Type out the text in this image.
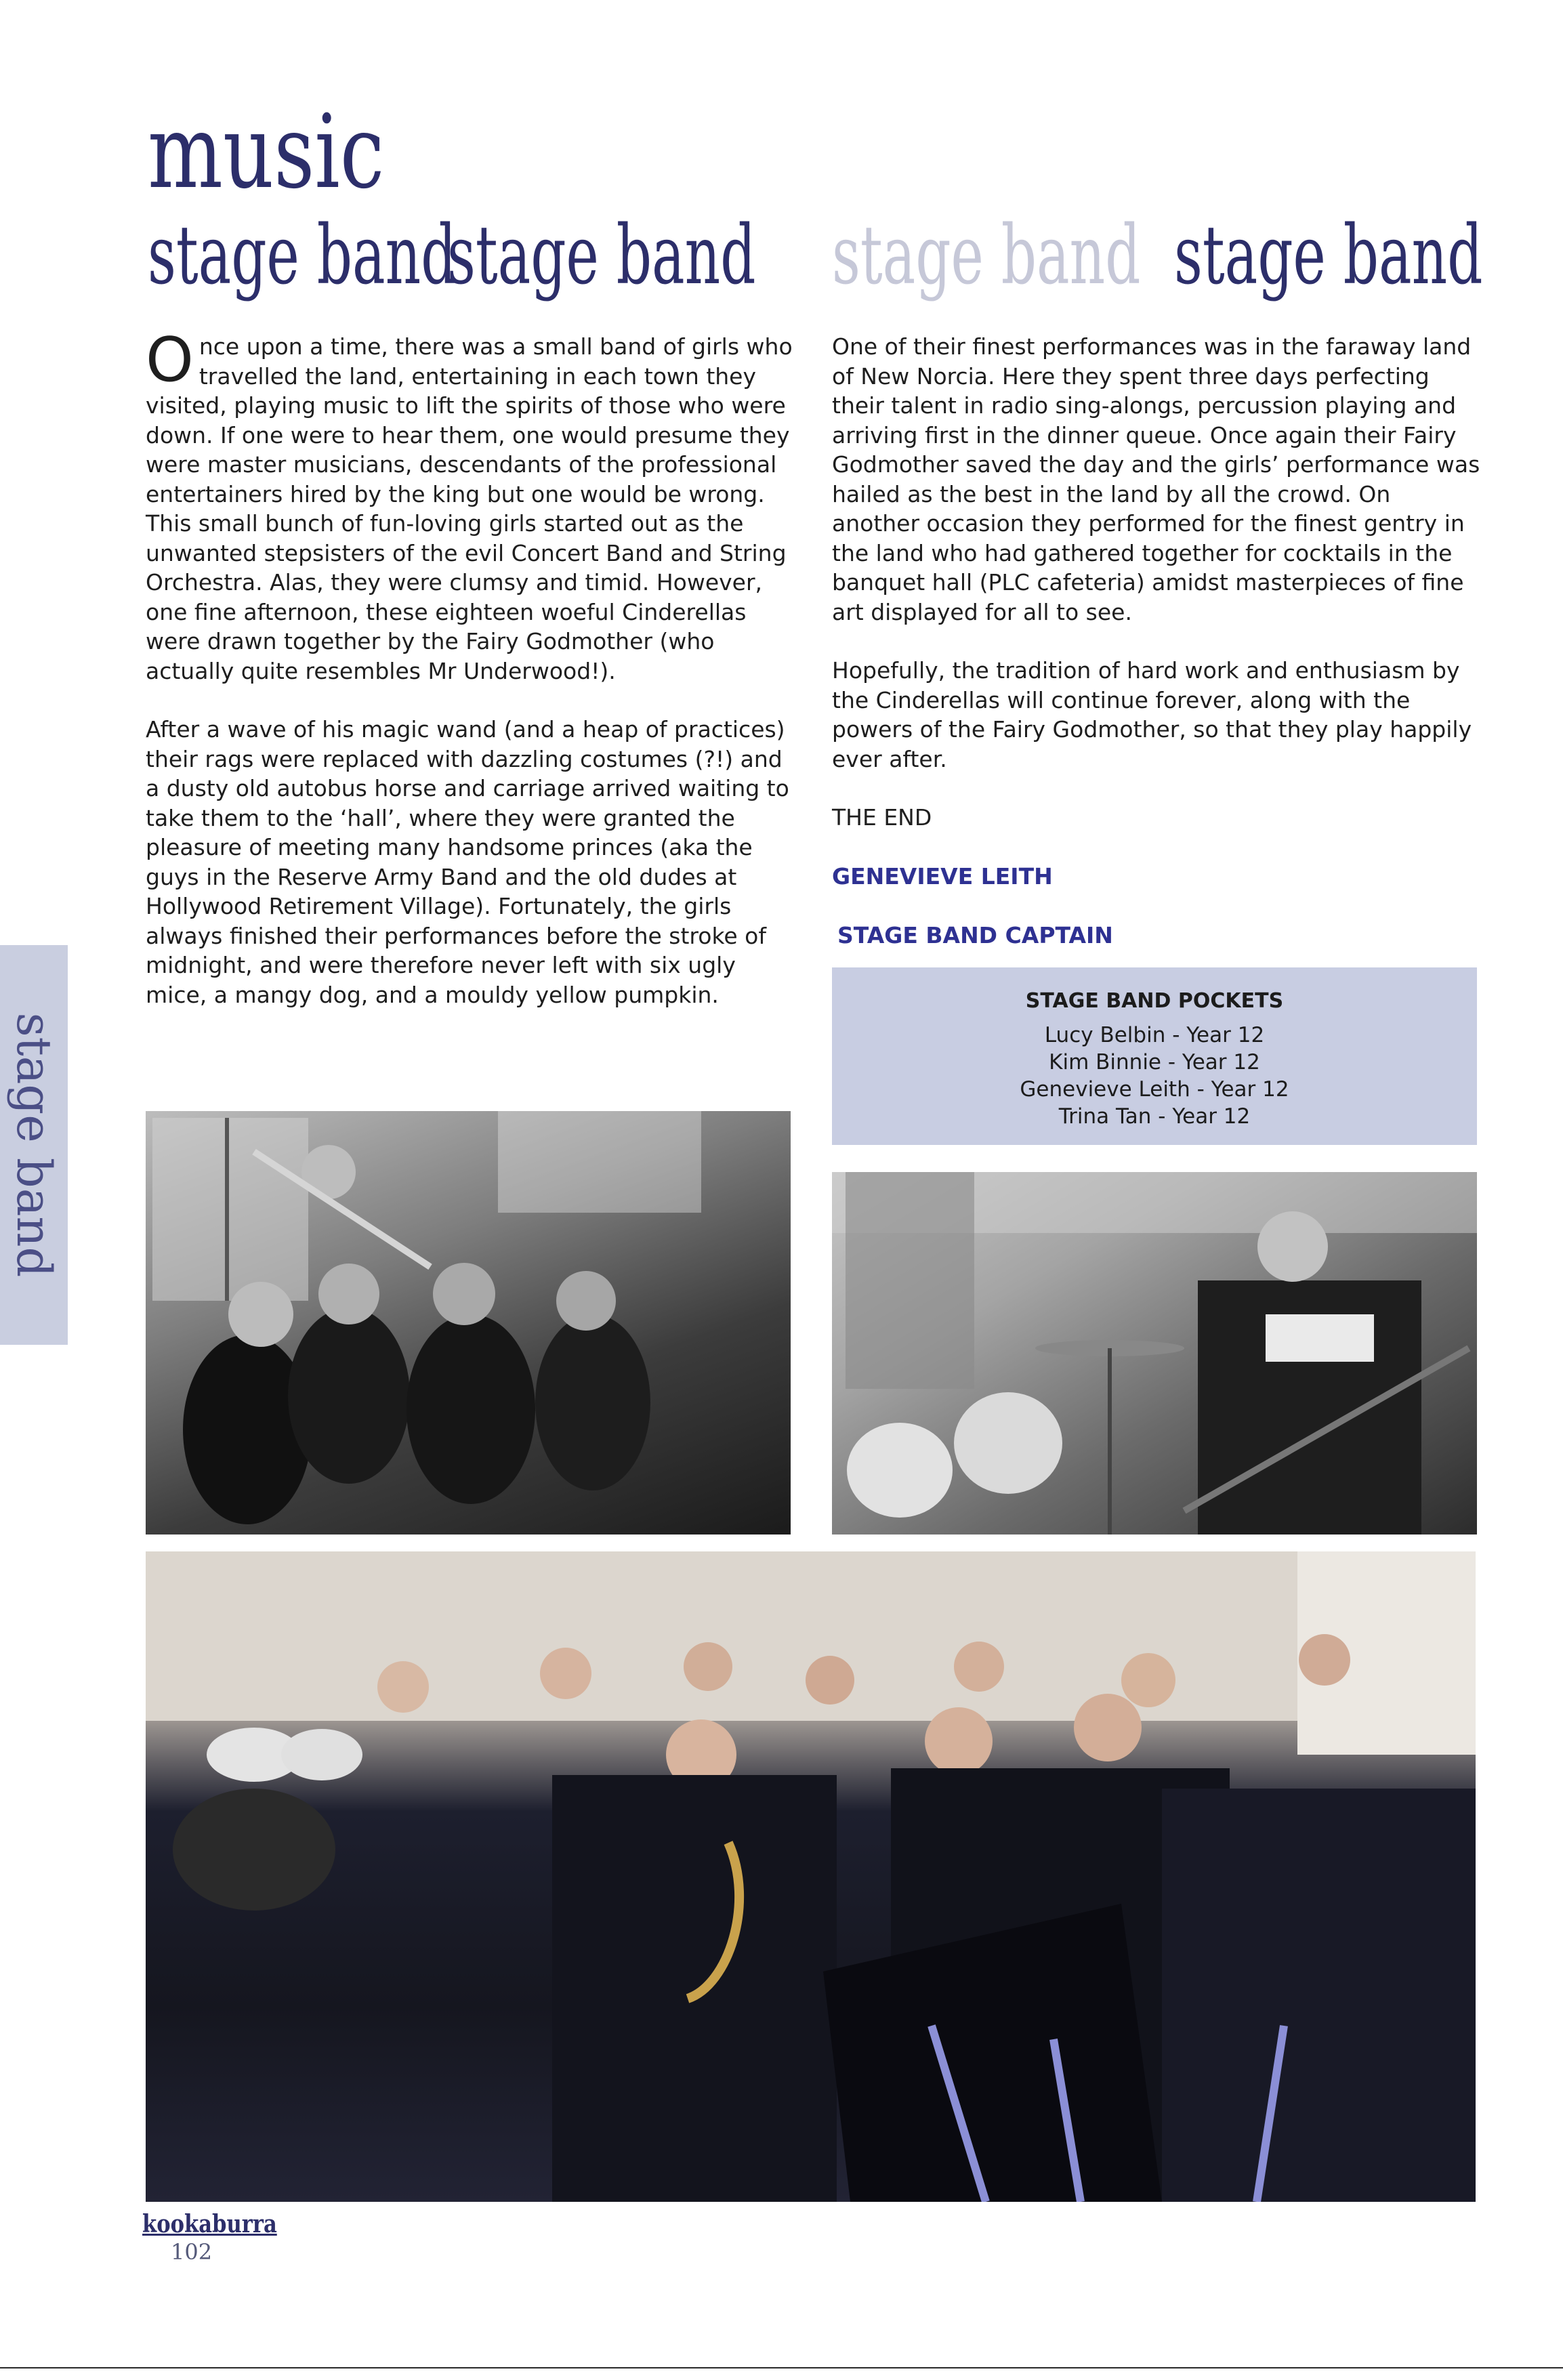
music
stage band
stage band stage band stage band

Once upon a time, there was a small band of girls who travelled the land, entertaining in each town they visited, playing music to lift the spirits of those who were down. If one were to hear them, one would presume they were master musicians, descendants of the professional entertainers hired by the king but one would be wrong. This small bunch of fun-loving girls started out as the unwanted stepsisters of the evil Concert Band and String Orchestra. Alas, they were clumsy and timid. However, one fine afternoon, these eighteen woeful Cinderellas were drawn together by the Fairy Godmother (who actually quite resembles Mr Underwood!).

After a wave of his magic wand (and a heap of practices) their rags were replaced with dazzling costumes (?!) and a dusty old autobus horse and carriage arrived waiting to take them to the ‘hall’, where they were granted the pleasure of meeting many handsome princes (aka the guys in the Reserve Army Band and the old dudes at Hollywood Retirement Village). Fortunately, the girls always finished their performances before the stroke of midnight, and were therefore never left with six ugly mice, a mangy dog, and a mouldy yellow pumpkin.

One of their finest performances was in the faraway land of New Norcia. Here they spent three days perfecting their talent in radio sing-alongs, percussion playing and arriving first in the dinner queue. Once again their Fairy Godmother saved the day and the girls’ performance was hailed as the best in the land by all the crowd. On another occasion they performed for the finest gentry in the land who had gathered together for cocktails in the banquet hall (PLC cafeteria) amidst masterpieces of fine art displayed for all to see.

Hopefully, the tradition of hard work and enthusiasm by the Cinderellas will continue forever, along with the powers of the Fairy Godmother, so that they play happily ever after.

THE END

GENEVIEVE LEITH

STAGE BAND CAPTAIN

STAGE BAND POCKETS

Lucy Belbin - Year 12

Kim Binnie - Year 12

Genevieve Leith - Year 12

Trina Tan - Year 12

stage band

kookaburra

102
